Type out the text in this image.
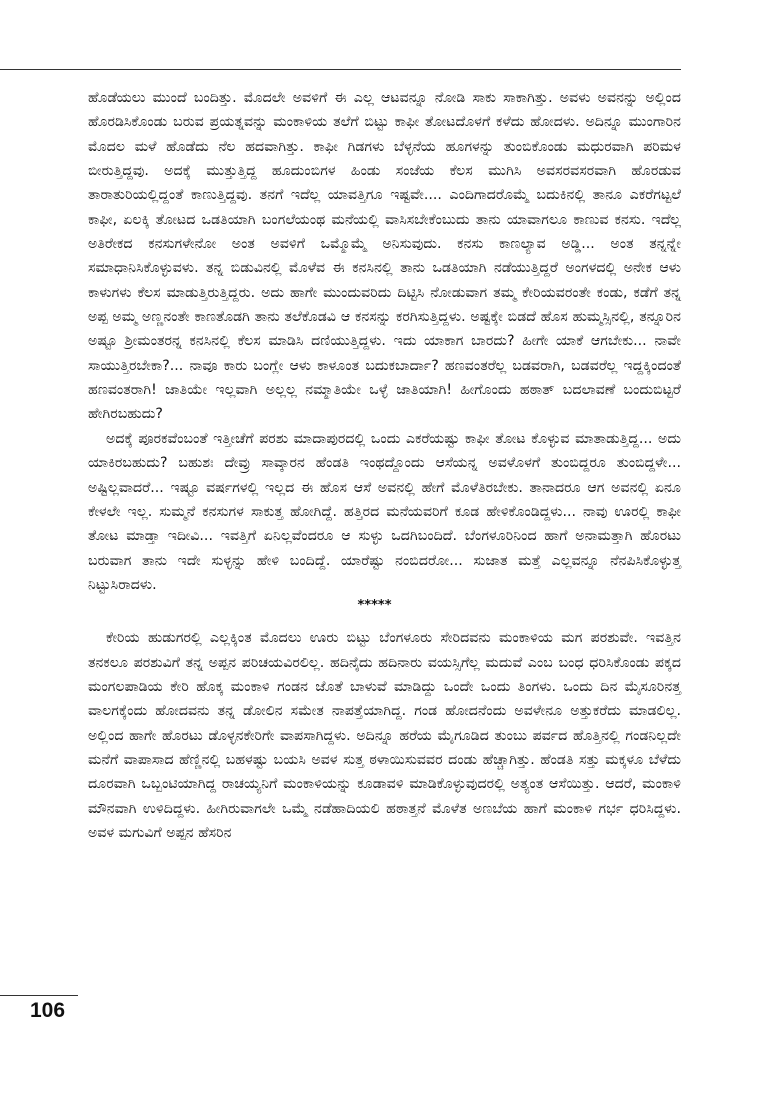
ಹೊಡೆಯಲು ಮುಂದೆ ಬಂದಿತ್ತು. ಮೊದಲೇ ಅವಳಿಗೆ ಈ ಎಲ್ಲ ಆಟವನ್ನೂ ನೋಡಿ ಸಾಕು ಸಾಕಾಗಿತ್ತು. ಅವಳು ಅವನನ್ನು ಅಲ್ಲಿಂದ ಹೊರಡಿಸಿಕೊಂಡು ಬರುವ ಪ್ರಯತ್ನವನ್ನು ಮಂಕಾಳಿಯ ತಲೆಗೆ ಬಿಟ್ಟು ಕಾಫೀ ತೋಟದೊಳಗೆ ಕಳೆದು ಹೋದಳು. ಅದಿನ್ನೂ ಮುಂಗಾರಿನ ಮೊದಲ ಮಳೆ ಹೊಡೆದು ನೆಲ ಹದವಾಗಿತ್ತು. ಕಾಫೀ ಗಿಡಗಳು ಬೆಳ್ಳನೆಯ ಹೂಗಳನ್ನು ತುಂಬಿಕೊಂಡು ಮಧುರವಾಗಿ ಪರಿಮಳ ಬೀರುತ್ತಿದ್ದವು. ಅದಕ್ಕೆ ಮುತ್ತುತ್ತಿದ್ದ ಹೂದುಂಬಿಗಳ ಹಿಂಡು ಸಂಜೆಯ ಕೆಲಸ ಮುಗಿಸಿ ಅವಸರವಸರವಾಗಿ ಹೊರಡುವ ತಾರಾತುರಿಯಲ್ಲಿದ್ದಂತೆ ಕಾಣುತ್ತಿದ್ದವು. ತನಗೆ ಇದೆಲ್ಲ ಯಾವತ್ತಿಗೂ ಇಷ್ಟವೇ.... ಎಂದಿಗಾದರೊಮ್ಮೆ ಬದುಕಿನಲ್ಲಿ ತಾನೂ ಎಕರೆಗಟ್ಟಲೆ ಕಾಫೀ, ಏಲಕ್ಕಿ ತೋಟದ ಒಡತಿಯಾಗಿ ಬಂಗಲೆಯಂಥ ಮನೆಯಲ್ಲಿ ವಾಸಿಸಬೇಕೆಂಬುದು ತಾನು ಯಾವಾಗಲೂ ಕಾಣುವ ಕನಸು. ಇದೆಲ್ಲ ಅತಿರೇಕದ ಕನಸುಗಳೇನೋ ಅಂತ ಅವಳಿಗೆ ಒಮ್ಮೊಮ್ಮೆ ಅನಿಸುವುದು. ಕನಸು ಕಾಣಲ್ಯಾವ ಅಡ್ಡಿ... ಅಂತ ತನ್ನನ್ನೇ ಸಮಾಧಾನಿಸಿಕೊಳ್ಳುವಳು. ತನ್ನ ಬಿಡುವಿನಲ್ಲಿ ಮೊಳೆವ ಈ ಕನಸಿನಲ್ಲಿ ತಾನು ಒಡತಿಯಾಗಿ ನಡೆಯುತ್ತಿದ್ದರೆ ಅಂಗಳದಲ್ಲಿ ಅನೇಕ ಆಳು ಕಾಳುಗಳು ಕೆಲಸ ಮಾಡುತ್ತಿರುತ್ತಿದ್ದರು. ಅದು ಹಾಗೇ ಮುಂದುವರಿದು ದಿಟ್ಟಿಸಿ ನೋಡುವಾಗ ತಮ್ಮ ಕೇರಿಯವರಂತೇ ಕಂಡು, ಕಡೆಗೆ ತನ್ನ ಅಪ್ಪ ಅಮ್ಮ ಅಣ್ಣನಂತೇ ಕಾಣತೊಡಗಿ ತಾನು ತಲೆಕೊಡವಿ ಆ ಕನಸನ್ನು ಕರಗಿಸುತ್ತಿದ್ದಳು. ಅಷ್ಟಕ್ಕೇ ಬಿಡದೆ ಹೊಸ ಹುಮ್ಮಸ್ಸಿನಲ್ಲಿ, ತನ್ನೂರಿನ ಅಷ್ಟೂ ಶ್ರೀಮಂತರನ್ನ ಕನಸಿನಲ್ಲಿ ಕೆಲಸ ಮಾಡಿಸಿ ದಣಿಯುತ್ತಿದ್ದಳು. ಇದು ಯಾಕಾಗ ಬಾರದು? ಹೀಗೇ ಯಾಕೆ ಆಗಬೇಕು... ನಾವೇ ಸಾಯುತ್ತಿರಬೇಕಾ?... ನಾವೂ ಕಾರು ಬಂಗ್ಲೇ ಆಳು ಕಾಳೂಂತ ಬದುಕಬಾರ್ದಾ? ಹಣವಂತರೆಲ್ಲ ಬಡವರಾಗಿ, ಬಡವರೆಲ್ಲ ಇದ್ದಕ್ಕಿಂದಂತೆ ಹಣವಂತರಾಗಿ! ಜಾತಿಯೇ ಇಲ್ಲವಾಗಿ ಅಲ್ಲಲ್ಲ ನಮ್ಮಾತಿಯೇ ಒಳ್ಳೆ ಜಾತಿಯಾಗಿ! ಹೀಗೊಂದು ಹಠಾತ್ ಬದಲಾವಣೆ ಬಂದುಬಿಟ್ಟರೆ ಹೇಗಿರಬಹುದು?

ಅದಕ್ಕೆ ಪೂರಕವೆಂಬಂತೆ ಇತ್ತೀಚೆಗೆ ಪರಶು ಮಾದಾಪುರದಲ್ಲಿ ಒಂದು ಎಕರೆಯಷ್ಟು ಕಾಫೀ ತೋಟ ಕೊಳ್ಳುವ ಮಾತಾಡುತ್ತಿದ್ದ... ಅದು ಯಾಕಿರಬಹುದು? ಬಹುಶಃ ದೇವ್ರು ಸಾವ್ಕಾರನ ಹೆಂಡತಿ ಇಂಥದ್ದೊಂದು ಆಸೆಯನ್ನ ಅವಳೊಳಗೆ ತುಂಬಿದ್ದರೂ ತುಂಬಿದ್ದಳೇ... ಅಷ್ಟಿಲ್ಲವಾದರೆ... ಇಷ್ಟೂ ವರ್ಷಗಳಲ್ಲಿ ಇಲ್ಲದ ಈ ಹೊಸ ಆಸೆ ಅವನಲ್ಲಿ ಹೇಗೆ ಮೊಳೆತಿರಬೇಕು. ತಾನಾದರೂ ಆಗ ಅವನಲ್ಲಿ ಏನೂ ಕೇಳಲೇ ಇಲ್ಲ. ಸುಮ್ಮನೆ ಕನಸುಗಳ ಸಾಕುತ್ತ ಹೋಗಿದ್ದೆ. ಹತ್ತಿರದ ಮನೆಯವರಿಗೆ ಕೂಡ ಹೇಳಿಕೊಂಡಿದ್ದಳು... ನಾವು ಊರಲ್ಲಿ ಕಾಫೀ ತೋಟ ಮಾಡ್ತಾ ಇದೀವಿ... ಇವತ್ತಿಗೆ ಏನಿಲ್ಲವೆಂದರೂ ಆ ಸುಳ್ಳು ಒದಗಿಬಂದಿದೆ. ಬೆಂಗಳೂರಿನಿಂದ ಹಾಗೆ ಅನಾಮತ್ತಾಗಿ ಹೊರಟು ಬರುವಾಗ ತಾನು ಇದೇ ಸುಳ್ಳನ್ನು ಹೇಳಿ ಬಂದಿದ್ದೆ. ಯಾರೆಷ್ಟು ನಂಬಿದರೋ... ಸುಜಾತ ಮತ್ತೆ ಎಲ್ಲವನ್ನೂ ನೆನಪಿಸಿಕೊಳ್ಳುತ್ತ ನಿಟ್ಟುಸಿರಾದಳು.

*****

ಕೇರಿಯ ಹುಡುಗರಲ್ಲಿ ಎಲ್ಲಕ್ಕಿಂತ ಮೊದಲು ಊರು ಬಿಟ್ಟು ಬೆಂಗಳೂರು ಸೇರಿದವನು ಮಂಕಾಳಿಯ ಮಗ ಪರಶುವೇ. ಇವತ್ತಿನ ತನಕಲೂ ಪರಶುವಿಗೆ ತನ್ನ ಅಪ್ಪನ ಪರಿಚಯವಿರಲಿಲ್ಲ. ಹದಿನೈದು ಹದಿನಾರು ವಯಸ್ಸಿಗೆಲ್ಲ ಮದುವೆ ಎಂಬ ಬಂಧ ಧರಿಸಿಕೊಂಡು ಪಕ್ಕದ ಮಂಗಲಪಾಡಿಯ ಕೇರಿ ಹೊಕ್ಕ ಮಂಕಾಳಿ ಗಂಡನ ಜೊತೆ ಬಾಳುವೆ ಮಾಡಿದ್ದು ಒಂದೇ ಒಂದು ತಿಂಗಳು. ಒಂದು ದಿನ ಮೈಸೂರಿನತ್ತ ವಾಲಗಕ್ಕೆಂದು ಹೋದವನು ತನ್ನ ಡೋಲಿನ ಸಮೇತ ನಾಪತ್ತೆಯಾಗಿದ್ದ. ಗಂಡ ಹೋದನೆಂದು ಅವಳೇನೂ ಅತ್ತುಕರೆದು ಮಾಡಲಿಲ್ಲ. ಅಲ್ಲಿಂದ ಹಾಗೇ ಹೊರಟು ಡೊಳ್ಳನಕೇರಿಗೇ ವಾಪಸಾಗಿದ್ದಳು. ಅದಿನ್ನೂ ಹರೆಯ ಮೈಗೂಡಿದ ತುಂಬು ಪರ್ವದ ಹೊತ್ತಿನಲ್ಲಿ ಗಂಡನಿಲ್ಲದೇ ಮನೆಗೆ ವಾಪಾಸಾದ ಹೆಣ್ಣಿನಲ್ಲಿ ಬಹಳಷ್ಟು ಬಯಸಿ ಅವಳ ಸುತ್ತ ಠಳಾಯಿಸುವವರ ದಂಡು ಹೆಚ್ಚಾಗಿತ್ತು. ಹೆಂಡತಿ ಸತ್ತು ಮಕ್ಕಳೂ ಬೆಳೆದು ದೂರವಾಗಿ ಒಬ್ಬಂಟಿಯಾಗಿದ್ದ ರಾಚಯ್ಯನಿಗೆ ಮಂಕಾಳಿಯನ್ನು ಕೂಡಾವಳಿ ಮಾಡಿಕೊಳ್ಳುವುದರಲ್ಲಿ ಅತ್ಯಂತ ಆಸೆಯಿತ್ತು. ಆದರೆ, ಮಂಕಾಳಿ ಮೌನವಾಗಿ ಉಳಿದಿದ್ದಳು. ಹೀಗಿರುವಾಗಲೇ ಒಮ್ಮೆ ನಡೆಹಾದಿಯಲಿ ಹಠಾತ್ತನೆ ಮೊಳೆತ ಅಣಬೆಯ ಹಾಗೆ ಮಂಕಾಳಿ ಗರ್ಭ ಧರಿಸಿದ್ದಳು. ಅವಳ ಮಗುವಿಗೆ ಅಪ್ಪನ ಹೆಸರಿನ

106
